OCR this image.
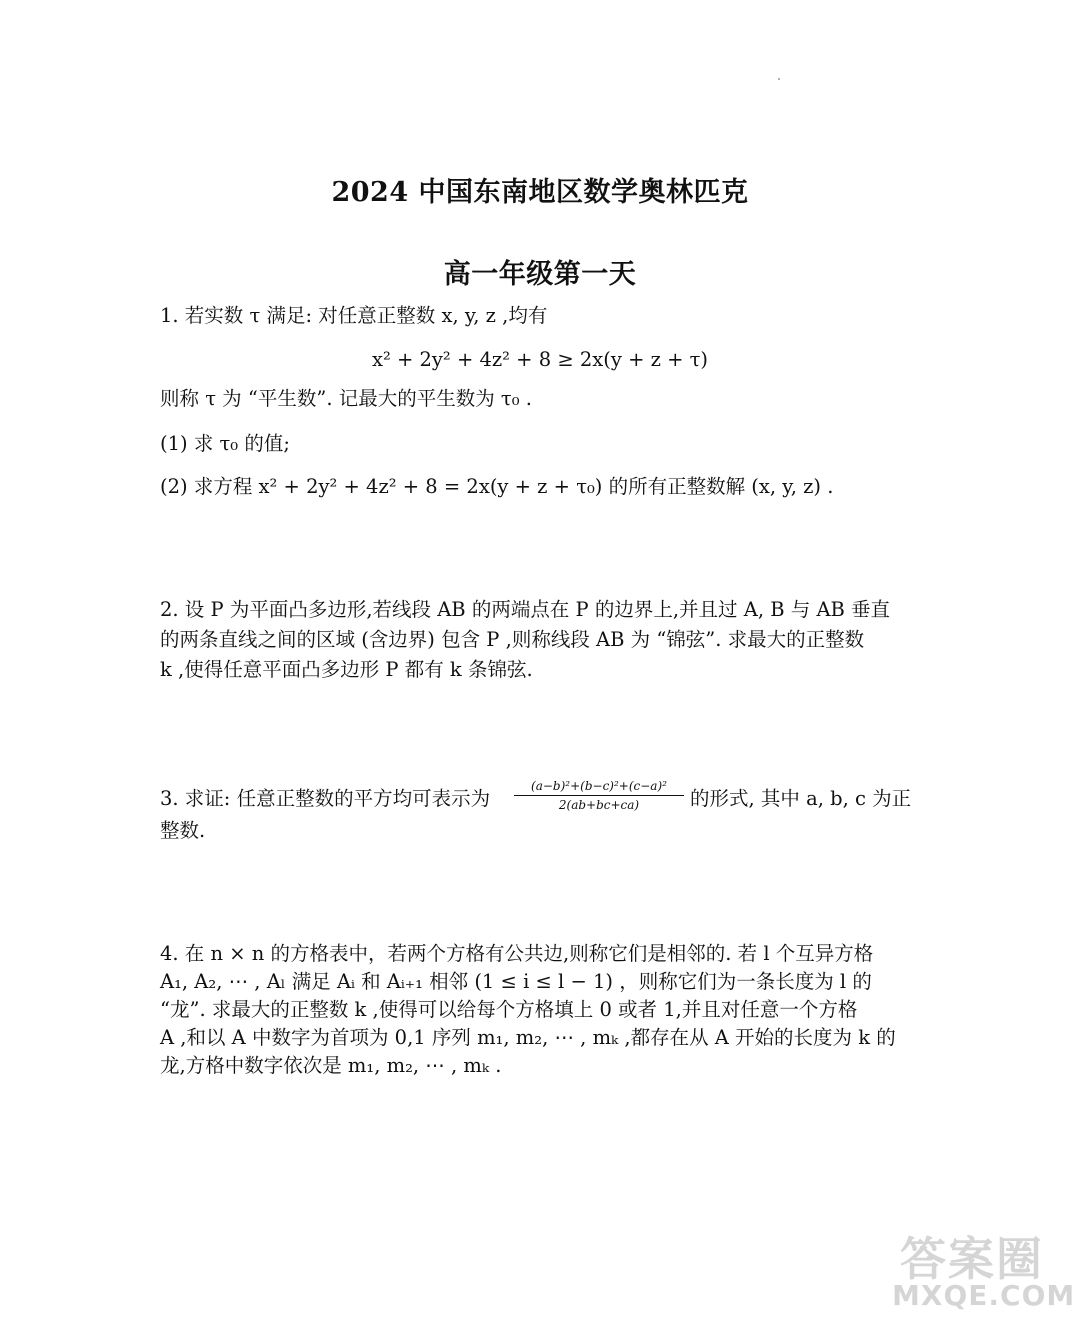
2024 中国东南地区数学奥林匹克
高一年级第一天
1. 若实数 τ 满足: 对任意正整数 x, y, z ,均有
x² + 2y² + 4z² + 8 ≥ 2x(y + z + τ)
则称 τ 为 “平生数”. 记最大的平生数为 τ₀ .
(1) 求 τ₀ 的值;
(2) 求方程 x² + 2y² + 4z² + 8 = 2x(y + z + τ₀) 的所有正整数解 (x, y, z) .
2. 设 P 为平面凸多边形,若线段 AB 的两端点在 P 的边界上,并且过 A, B 与 AB 垂直
的两条直线之间的区域 (含边界) 包含 P ,则称线段 AB 为 “锦弦”. 求最大的正整数
k ,使得任意平面凸多边形 P 都有 k 条锦弦.
3. 求证: 任意正整数的平方均可表示为 $\frac{\text{(a−b)²+(b−c)²+(c−a)²}}{2(ab+bc+ca)}$ 的形式, 其中 a, b, c 为正
整数.
4. 在 n × n 的方格表中，若两个方格有公共边,则称它们是相邻的. 若 l 个互异方格
A₁, A₂, ⋯ , Aₗ 满足 Aᵢ 和 Aᵢ₊₁ 相邻 (1 ≤ i ≤ l − 1) ，则称它们为一条长度为 l 的
“龙”. 求最大的正整数 k ,使得可以给每个方格填上 0 或者 1,并且对任意一个方格
A ,和以 A 中数字为首项为 0,1 序列 m₁, m₂, ⋯ , mₖ ,都存在从 A 开始的长度为 k 的
龙,方格中数字依次是 m₁, m₂, ⋯ , mₖ .
答案圈
MXQE.COM
